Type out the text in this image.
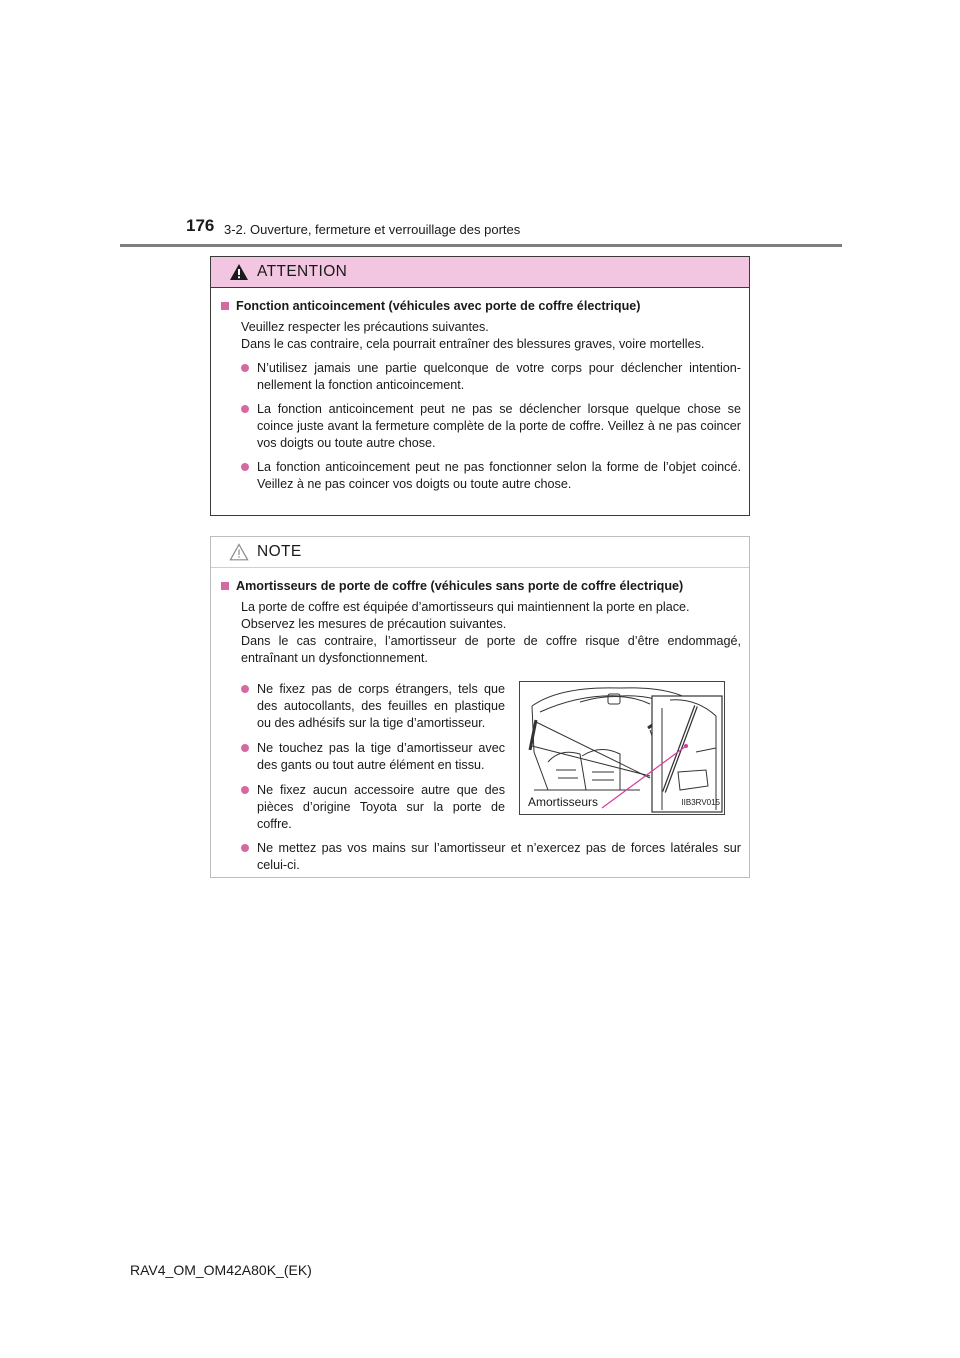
176 3-2. Ouverture, fermeture et verrouillage des portes
ATTENTION
Fonction anticoincement (véhicules avec porte de coffre électrique)
Veuillez respecter les précautions suivantes.
Dans le cas contraire, cela pourrait entraîner des blessures graves, voire mortelles.
N’utilisez jamais une partie quelconque de votre corps pour déclencher intention-nellement la fonction anticoincement.
La fonction anticoincement peut ne pas se déclencher lorsque quelque chose se coince juste avant la fermeture complète de la porte de coffre. Veillez à ne pas coincer vos doigts ou toute autre chose.
La fonction anticoincement peut ne pas fonctionner selon la forme de l’objet coincé. Veillez à ne pas coincer vos doigts ou toute autre chose.
NOTE
Amortisseurs de porte de coffre (véhicules sans porte de coffre électrique)
La porte de coffre est équipée d’amortisseurs qui maintiennent la porte en place.
Observez les mesures de précaution suivantes.
Dans le cas contraire, l’amortisseur de porte de coffre risque d’être endommagé, entraînant un dysfonctionnement.
Ne fixez pas de corps étrangers, tels que des autocollants, des feuilles en plastique ou des adhésifs sur la tige d’amortisseur.
Ne touchez pas la tige d’amortisseur avec des gants ou tout autre élément en tissu.
Ne fixez aucun accessoire autre que des pièces d’origine Toyota sur la porte de coffre.
Amortisseurs	IIB3RV015
Ne mettez pas vos mains sur l’amortisseur et n’exercez pas de forces latérales sur celui-ci.
RAV4_OM_OM42A80K_(EK)
